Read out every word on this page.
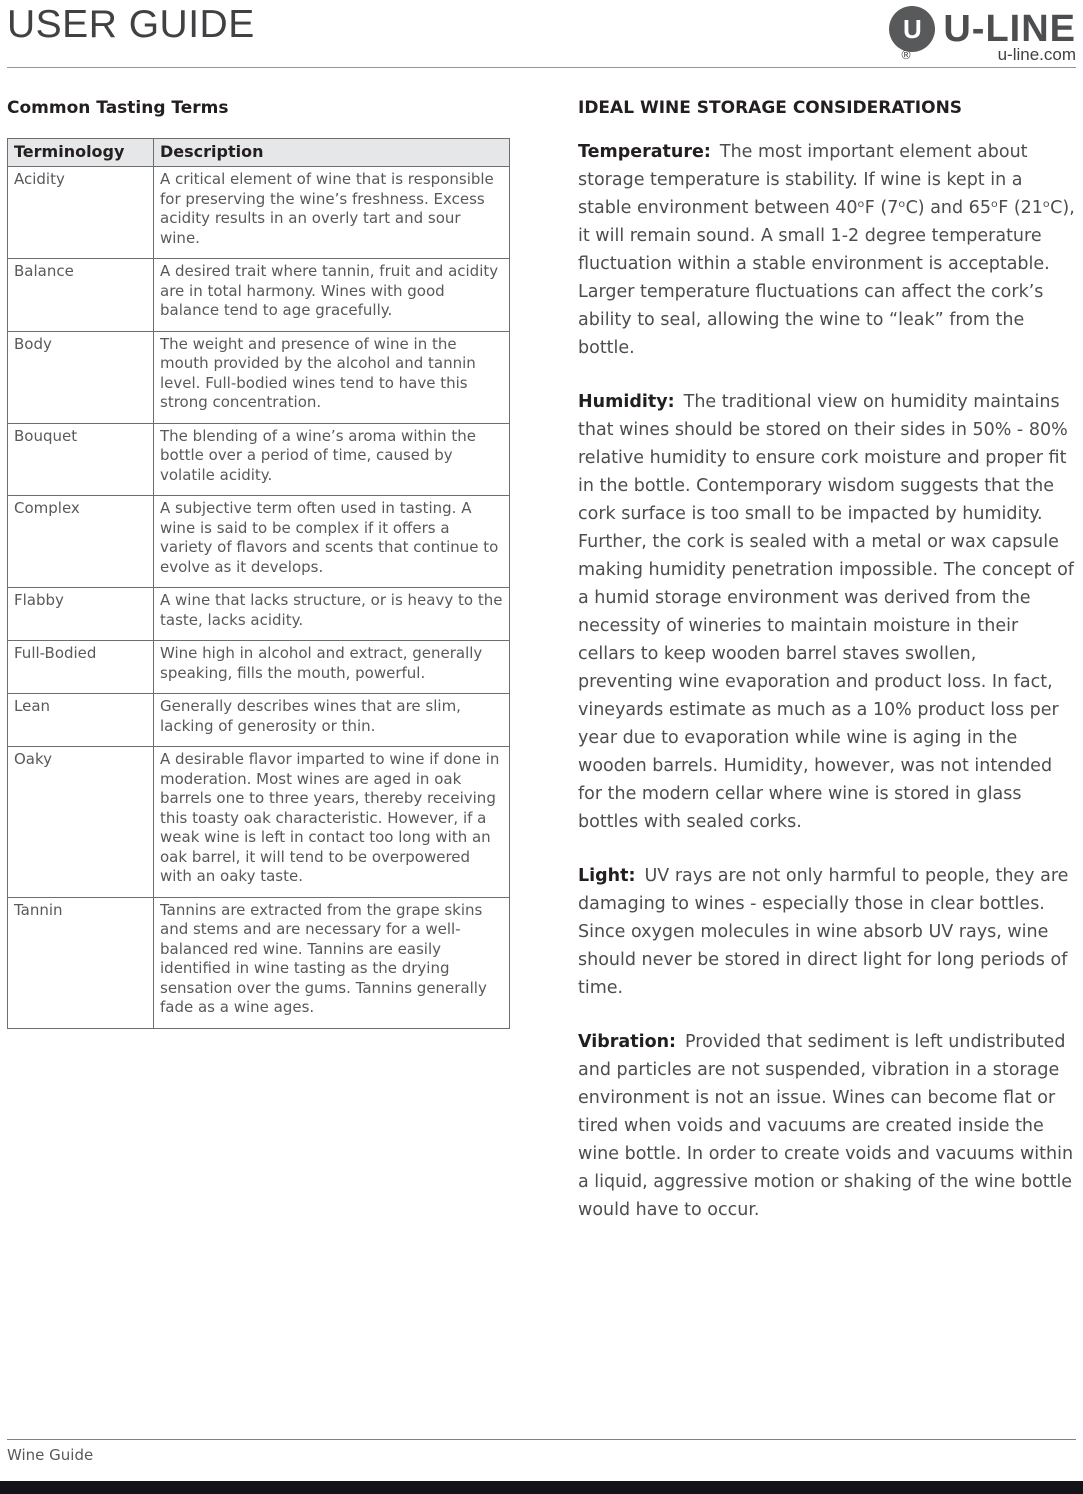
USER GUIDE	U U-LINE
®	u-line.com
Common Tasting Terms
Terminology	Description
Acidity	A critical element of wine that is responsible for preserving the wine’s freshness. Excess acidity results in an overly tart and sour wine.
Balance	A desired trait where tannin, fruit and acidity are in total harmony. Wines with good balance tend to age gracefully.
Body	The weight and presence of wine in the mouth provided by the alcohol and tannin level. Full-bodied wines tend to have this strong concentration.
Bouquet	The blending of a wine’s aroma within the bottle over a period of time, caused by volatile acidity.
Complex	A subjective term often used in tasting. A wine is said to be complex if it offers a variety of flavors and scents that continue to evolve as it develops.
Flabby	A wine that lacks structure, or is heavy to the taste, lacks acidity.
Full-Bodied	Wine high in alcohol and extract, generally speaking, fills the mouth, powerful.
Lean	Generally describes wines that are slim, lacking of generosity or thin.
Oaky	A desirable flavor imparted to wine if done in moderation. Most wines are aged in oak barrels one to three years, thereby receiving this toasty oak characteristic. However, if a weak wine is left in contact too long with an oak barrel, it will tend to be overpowered with an oaky taste.
Tannin	Tannins are extracted from the grape skins and stems and are necessary for a well-balanced red wine. Tannins are easily identified in wine tasting as the drying sensation over the gums. Tannins generally fade as a wine ages.
IDEAL WINE STORAGE CONSIDERATIONS

Temperature: The most important element about storage temperature is stability. If wine is kept in a stable environment between 40ᵒF (7ᵒC) and 65ᵒF (21ᵒC), it will remain sound. A small 1-2 degree temperature fluctuation within a stable environment is acceptable. Larger temperature fluctuations can affect the cork’s ability to seal, allowing the wine to “leak” from the bottle.

Humidity: The traditional view on humidity maintains that wines should be stored on their sides in 50% - 80% relative humidity to ensure cork moisture and proper fit in the bottle. Contemporary wisdom suggests that the cork surface is too small to be impacted by humidity. Further, the cork is sealed with a metal or wax capsule making humidity penetration impossible. The concept of a humid storage environment was derived from the necessity of wineries to maintain moisture in their cellars to keep wooden barrel staves swollen, preventing wine evaporation and product loss. In fact, vineyards estimate as much as a 10% product loss per year due to evaporation while wine is aging in the wooden barrels. Humidity, however, was not intended for the modern cellar where wine is stored in glass bottles with sealed corks.

Light: UV rays are not only harmful to people, they are damaging to wines - especially those in clear bottles. Since oxygen molecules in wine absorb UV rays, wine should never be stored in direct light for long periods of time.

Vibration: Provided that sediment is left undistributed and particles are not suspended, vibration in a storage environment is not an issue. Wines can become flat or tired when voids and vacuums are created inside the wine bottle. In order to create voids and vacuums within a liquid, aggressive motion or shaking of the wine bottle would have to occur.

Wine Guide
